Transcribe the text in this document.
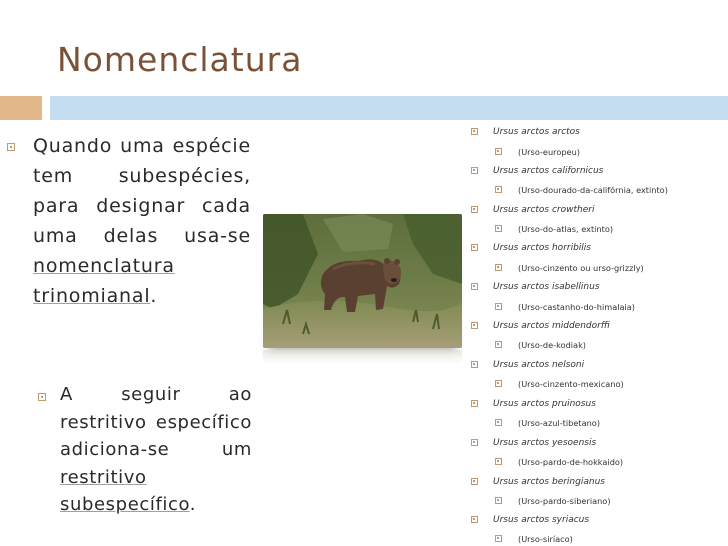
Nomenclatura
Quando uma espécie tem subespécies, para designar cada uma delas usa-se nomenclatura trinomianal.
A seguir ao restritivo específico adiciona-se um restritivo subespecífico.
Ursus arctos arctos
(Urso-europeu)
Ursus arctos californicus
(Urso-dourado-da-califórnia, extinto)
Ursus arctos crowtheri
(Urso-do-atlas, extinto)
Ursus arctos horribilis
(Urso-cinzento ou urso-grizzly)
Ursus arctos isabellinus
(Urso-castanho-do-himalaia)
Ursus arctos middendorffi
(Urso-de-kodiak)
Ursus arctos nelsoni
(Urso-cinzento-mexicano)
Ursus arctos pruinosus
(Urso-azul-tibetano)
Ursus arctos yesoensis
(Urso-pardo-de-hokkaido)
Ursus arctos beringianus
(Urso-pardo-siberiano)
Ursus arctos syriacus
(Urso-siríaco)
